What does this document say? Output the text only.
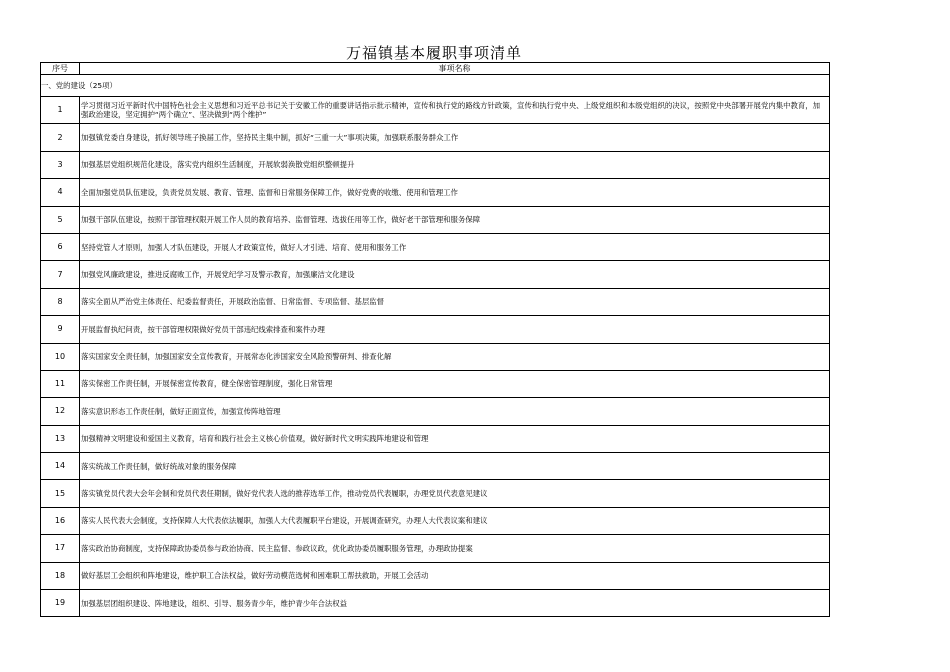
万福镇基本履职事项清单
序号	事项名称
一、党的建设（25项）	
1	学习贯彻习近平新时代中国特色社会主义思想和习近平总书记关于安徽工作的重要讲话指示批示精神，宣传和执行党的路线方针政策，宣传和执行党中央、上级党组织和本级党组织的决议，按照党中央部署开展党内集中教育，加强政治建设，坚定拥护“两个确立”、坚决做到“两个维护”
2	加强镇党委自身建设，抓好领导班子换届工作，坚持民主集中制，抓好“三重一大”事项决策，加强联系服务群众工作
3	加强基层党组织规范化建设，落实党内组织生活制度，开展软弱涣散党组织整顿提升
4	全面加强党员队伍建设，负责党员发展、教育、管理、监督和日常服务保障工作，做好党费的收缴、使用和管理工作
5	加强干部队伍建设，按照干部管理权限开展工作人员的教育培养、监督管理、选拔任用等工作，做好老干部管理和服务保障
6	坚持党管人才原则，加强人才队伍建设，开展人才政策宣传，做好人才引进、培育、使用和服务工作
7	加强党风廉政建设，推进反腐败工作，开展党纪学习及警示教育，加强廉洁文化建设
8	落实全面从严治党主体责任、纪委监督责任，开展政治监督、日常监督、专项监督、基层监督
9	开展监督执纪问责，按干部管理权限做好党员干部违纪线索排查和案件办理
10	落实国家安全责任制，加强国家安全宣传教育，开展常态化涉国家安全风险预警研判、排查化解
11	落实保密工作责任制，开展保密宣传教育，健全保密管理制度，强化日常管理
12	落实意识形态工作责任制，做好正面宣传，加强宣传阵地管理
13	加强精神文明建设和爱国主义教育，培育和践行社会主义核心价值观，做好新时代文明实践阵地建设和管理
14	落实统战工作责任制，做好统战对象的服务保障
15	落实镇党员代表大会年会制和党员代表任期制，做好党代表人选的推荐选举工作，推动党员代表履职，办理党员代表意见建议
16	落实人民代表大会制度，支持保障人大代表依法履职，加强人大代表履职平台建设，开展调查研究，办理人大代表议案和建议
17	落实政治协商制度，支持保障政协委员参与政治协商、民主监督、参政议政，优化政协委员履职服务管理，办理政协提案
18	做好基层工会组织和阵地建设，维护职工合法权益，做好劳动模范选树和困难职工帮扶救助，开展工会活动
19	加强基层团组织建设、阵地建设，组织、引导、服务青少年，维护青少年合法权益
